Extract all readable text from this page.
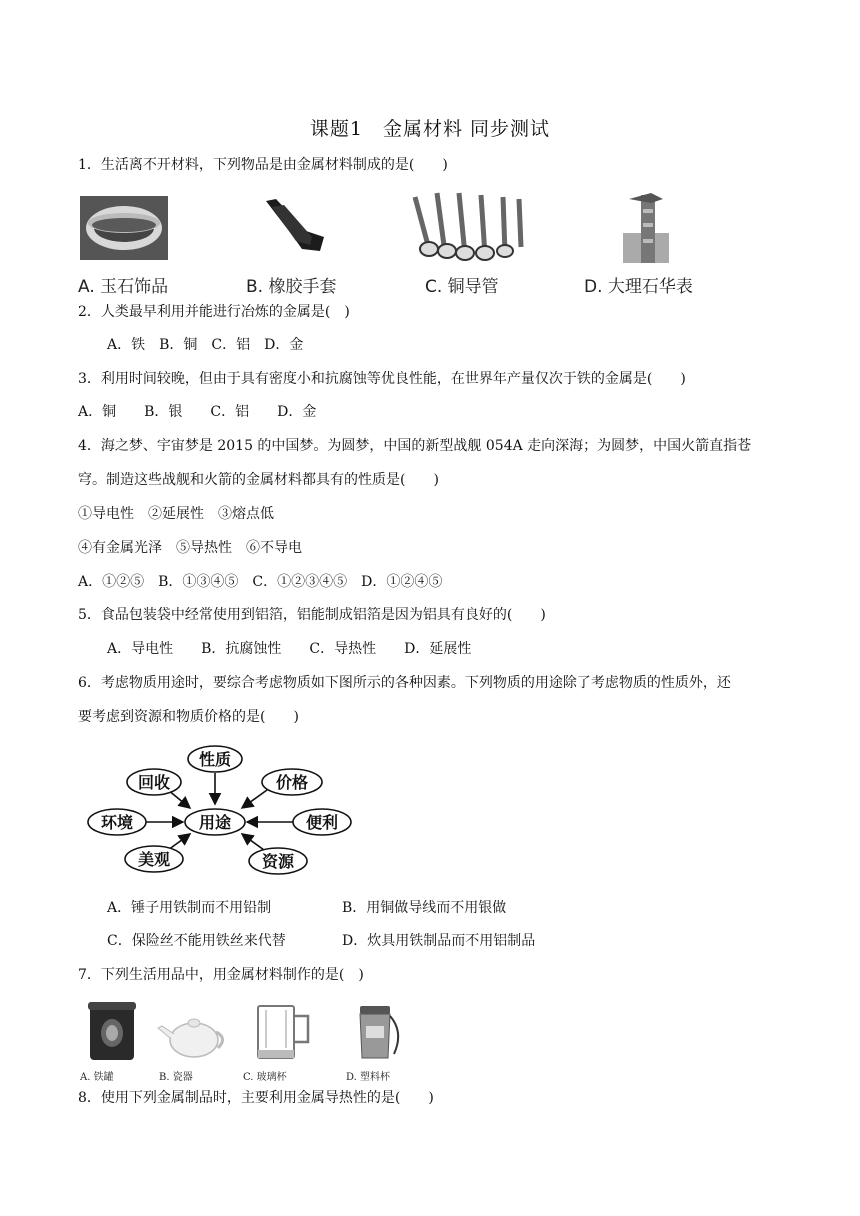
课题1　金属材料 同步测试
1．生活离不开材料，下列物品是由金属材料制成的是(　　)
A. 玉石饰品	B. 橡胶手套	C. 铜导管	D. 大理石华表
2．人类最早利用并能进行冶炼的金属是(　)
A．铁　B．铜　C．铝　D．金
3．利用时间较晚，但由于具有密度小和抗腐蚀等优良性能，在世界年产量仅次于铁的金属是(　　)
A．铜　　B．银　　C．铝　　D．金
4．海之梦、宇宙梦是 2015 的中国梦。为圆梦，中国的新型战舰 054A 走向深海；为圆梦，中国火箭直指苍
穹。制造这些战舰和火箭的金属材料都具有的性质是(　　)
①导电性　②延展性　③熔点低
④有金属光泽　⑤导热性　⑥不导电
A．①②⑤　B．①③④⑤　C．①②③④⑤　D．①②④⑤
5．食品包装袋中经常使用到铝箔，铝能制成铝箔是因为铝具有良好的(　　)
A．导电性　　B．抗腐蚀性　　C．导热性　　D．延展性
6．考虑物质用途时，要综合考虑物质如下图所示的各种因素。下列物质的用途除了考虑物质的性质外，还
要考虑到资源和物质价格的是(　　)
用途
性质
回收	价格
环境	便利
美观	资源
A．锤子用铁制而不用铅制	B．用铜做导线而不用银做
C．保险丝不能用铁丝来代替	D．炊具用铁制品而不用铝制品
7．下列生活用品中，用金属材料制作的是(　)
A. 铁罐	B. 瓷器	C. 玻璃杯	D. 塑料杯
8．使用下列金属制品时，主要利用金属导热性的是(　　)
